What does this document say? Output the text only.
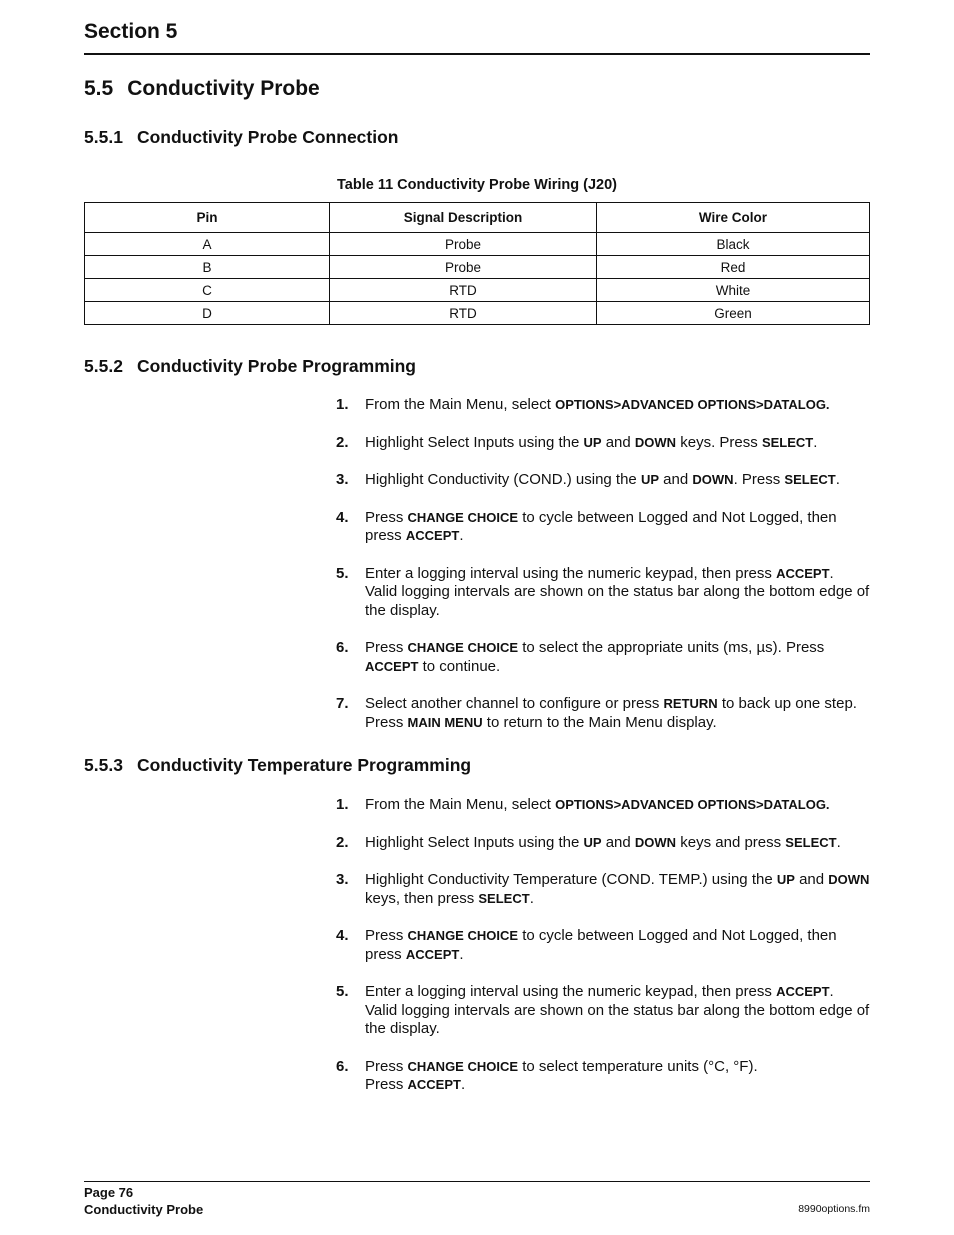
Section 5
5.5 Conductivity Probe
5.5.1 Conductivity Probe Connection
Table 11 Conductivity Probe Wiring (J20)
Pin	Signal Description	Wire Color
A	Probe	Black
B	Probe	Red
C	RTD	White
D	RTD	Green
5.5.2 Conductivity Probe Programming
1. From the Main Menu, select OPTIONS>ADVANCED OPTIONS>DATALOG.
2. Highlight Select Inputs using the UP and DOWN keys. Press SELECT.
3. Highlight Conductivity (COND.) using the UP and DOWN. Press SELECT.
4. Press CHANGE CHOICE to cycle between Logged and Not Logged, then press ACCEPT.
5. Enter a logging interval using the numeric keypad, then press ACCEPT. Valid logging intervals are shown on the status bar along the bottom edge of the display.
6. Press CHANGE CHOICE to select the appropriate units (ms, µs). Press ACCEPT to continue.
7. Select another channel to configure or press RETURN to back up one step. Press MAIN MENU to return to the Main Menu display.
5.5.3 Conductivity Temperature Programming
1. From the Main Menu, select OPTIONS>ADVANCED OPTIONS>DATALOG.
2. Highlight Select Inputs using the UP and DOWN keys and press SELECT.
3. Highlight Conductivity Temperature (COND. TEMP.) using the UP and DOWN keys, then press SELECT.
4. Press CHANGE CHOICE to cycle between Logged and Not Logged, then press ACCEPT.
5. Enter a logging interval using the numeric keypad, then press ACCEPT. Valid logging intervals are shown on the status bar along the bottom edge of the display.
6. Press CHANGE CHOICE to select temperature units (°C, °F).
Press ACCEPT.
Page 76
Conductivity Probe	8990options.fm
